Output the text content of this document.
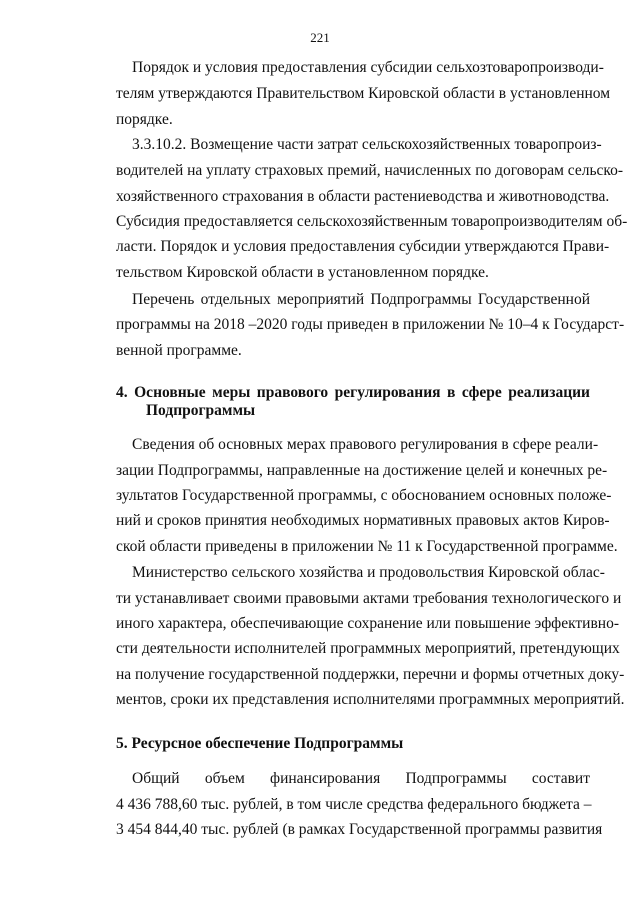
221
Порядок и условия предоставления субсидии сельхозтоваропроизводи-
телям утверждаются Правительством Кировской области в установленном
порядке.
3.3.10.2. Возмещение части затрат сельскохозяйственных товаропроиз-
водителей на уплату страховых премий, начисленных по договорам сельско-
хозяйственного страхования в области растениеводства и животноводства.
Субсидия предоставляется сельскохозяйственным товаропроизводителям об-
ласти. Порядок и условия предоставления субсидии утверждаются Прави-
тельством Кировской области в установленном порядке.
Перечень отдельных мероприятий Подпрограммы Государственной
программы на 2018 –2020 годы приведен в приложении № 10–4 к Государст-
венной программе.
4. Основные меры правового регулирования в сфере реализации
Подпрограммы
Сведения об основных мерах правового регулирования в сфере реали-
зации Подпрограммы, направленные на достижение целей и конечных ре-
зультатов Государственной программы, с обоснованием основных положе-
ний и сроков принятия необходимых нормативных правовых актов Киров-
ской области приведены в приложении № 11 к Государственной программе.
Министерство сельского хозяйства и продовольствия Кировской облас-
ти устанавливает своими правовыми актами требования технологического и
иного характера, обеспечивающие сохранение или повышение эффективно-
сти деятельности исполнителей программных мероприятий, претендующих
на получение государственной поддержки, перечни и формы отчетных доку-
ментов, сроки их представления исполнителями программных мероприятий.
5. Ресурсное обеспечение Подпрограммы
Общий объем финансирования Подпрограммы составит
4 436 788,60 тыс. рублей, в том числе средства федерального бюджета –
3 454 844,40 тыс. рублей (в рамках Государственной программы развития
